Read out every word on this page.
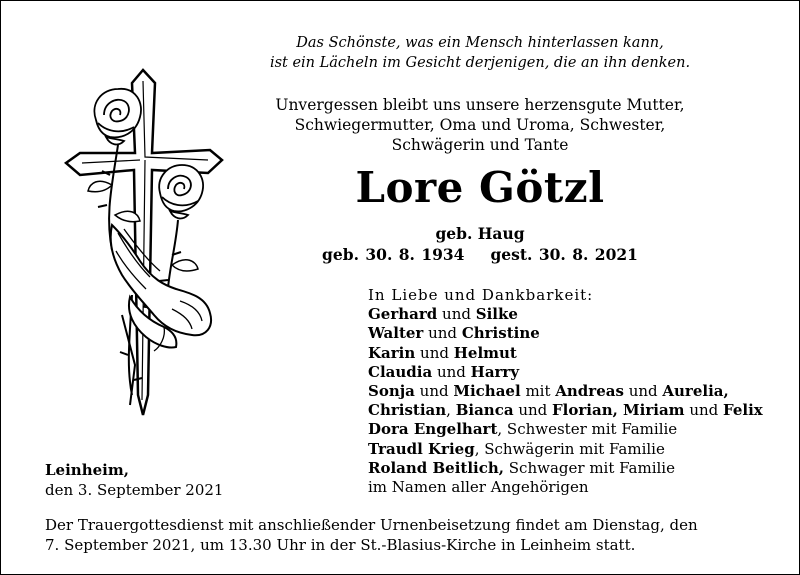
Das Schönste, was ein Mensch hinterlassen kann,
ist ein Lächeln im Gesicht derjenigen, die an ihn denken.
Unvergessen bleibt uns unsere herzensgute Mutter,
Schwiegermutter, Oma und Uroma, Schwester,
Schwägerin und Tante
Lore Götzl
geb. Haug
geb. 30. 8. 1934 gest. 30. 8. 2021
In Liebe und Dankbarkeit:
Gerhard und Silke
Walter und Christine
Karin und Helmut
Claudia und Harry
Sonja und Michael mit Andreas und Aurelia,
Christian, Bianca und Florian, Miriam und Felix
Dora Engelhart, Schwester mit Familie
Traudl Krieg, Schwägerin mit Familie
Roland Beitlich, Schwager mit Familie
im Namen aller Angehörigen
Leinheim,
den 3. September 2021
Der Trauergottesdienst mit anschließender Urnenbeisetzung findet am Dienstag, den
7. September 2021, um 13.30 Uhr in der St.-Blasius-Kirche in Leinheim statt.
